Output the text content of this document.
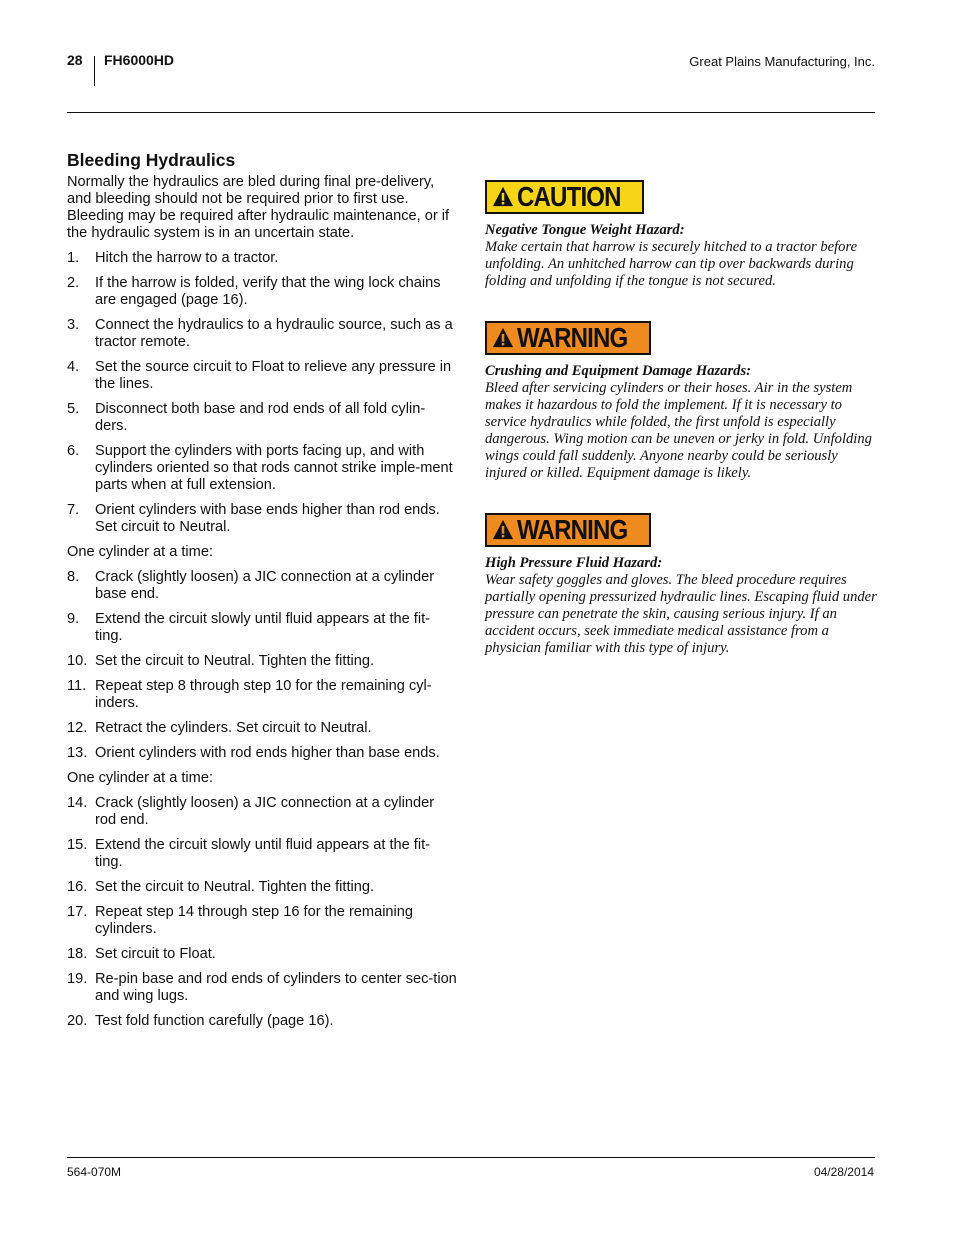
28 FH6000HD	Great Plains Manufacturing, Inc.
Bleeding Hydraulics

Normally the hydraulics are bled during final pre-delivery, and bleeding should not be required prior to first use. Bleeding may be required after hydraulic maintenance, or if the hydraulic system is in an uncertain state.

1.	Hitch the harrow to a tractor.
2.	If the harrow is folded, verify that the wing lock chains are engaged (page 16).
3.	Connect the hydraulics to a hydraulic source, such as a tractor remote.
4.	Set the source circuit to Float to relieve any pressure in the lines.
5.	Disconnect both base and rod ends of all fold cylin-ders.
6.	Support the cylinders with ports facing up, and with cylinders oriented so that rods cannot strike imple-ment parts when at full extension.
7.	Orient cylinders with base ends higher than rod ends. Set circuit to Neutral.

One cylinder at a time:

8.	Crack (slightly loosen) a JIC connection at a cylinder base end.
9.	Extend the circuit slowly until fluid appears at the fit-ting.
10. Set the circuit to Neutral. Tighten the fitting.
11. Repeat step 8 through step 10 for the remaining cyl-inders.
12. Retract the cylinders. Set circuit to Neutral.
13. Orient cylinders with rod ends higher than base ends.

One cylinder at a time:

14. Crack (slightly loosen) a JIC connection at a cylinder rod end.
15. Extend the circuit slowly until fluid appears at the fit-ting.
16. Set the circuit to Neutral. Tighten the fitting.
17. Repeat step 14 through step 16 for the remaining cylinders.
18. Set circuit to Float.
19. Re-pin base and rod ends of cylinders to center sec-tion and wing lugs.
20. Test fold function carefully (page 16).
CAUTION
Negative Tongue Weight Hazard:
Make certain that harrow is securely hitched to a tractor before unfolding. An unhitched harrow can tip over backwards during folding and unfolding if the tongue is not secured.
WARNING
Crushing and Equipment Damage Hazards:
Bleed after servicing cylinders or their hoses. Air in the system makes it hazardous to fold the implement. If it is necessary to service hydraulics while folded, the first unfold is especially dangerous. Wing motion can be uneven or jerky in fold. Unfolding wings could fall suddenly. Anyone nearby could be seriously injured or killed. Equipment damage is likely.
WARNING
High Pressure Fluid Hazard:
Wear safety goggles and gloves. The bleed procedure requires partially opening pressurized hydraulic lines. Escaping fluid under pressure can penetrate the skin, causing serious injury. If an accident occurs, seek immediate medical assistance from a physician familiar with this type of injury.
564-070M	04/28/2014
